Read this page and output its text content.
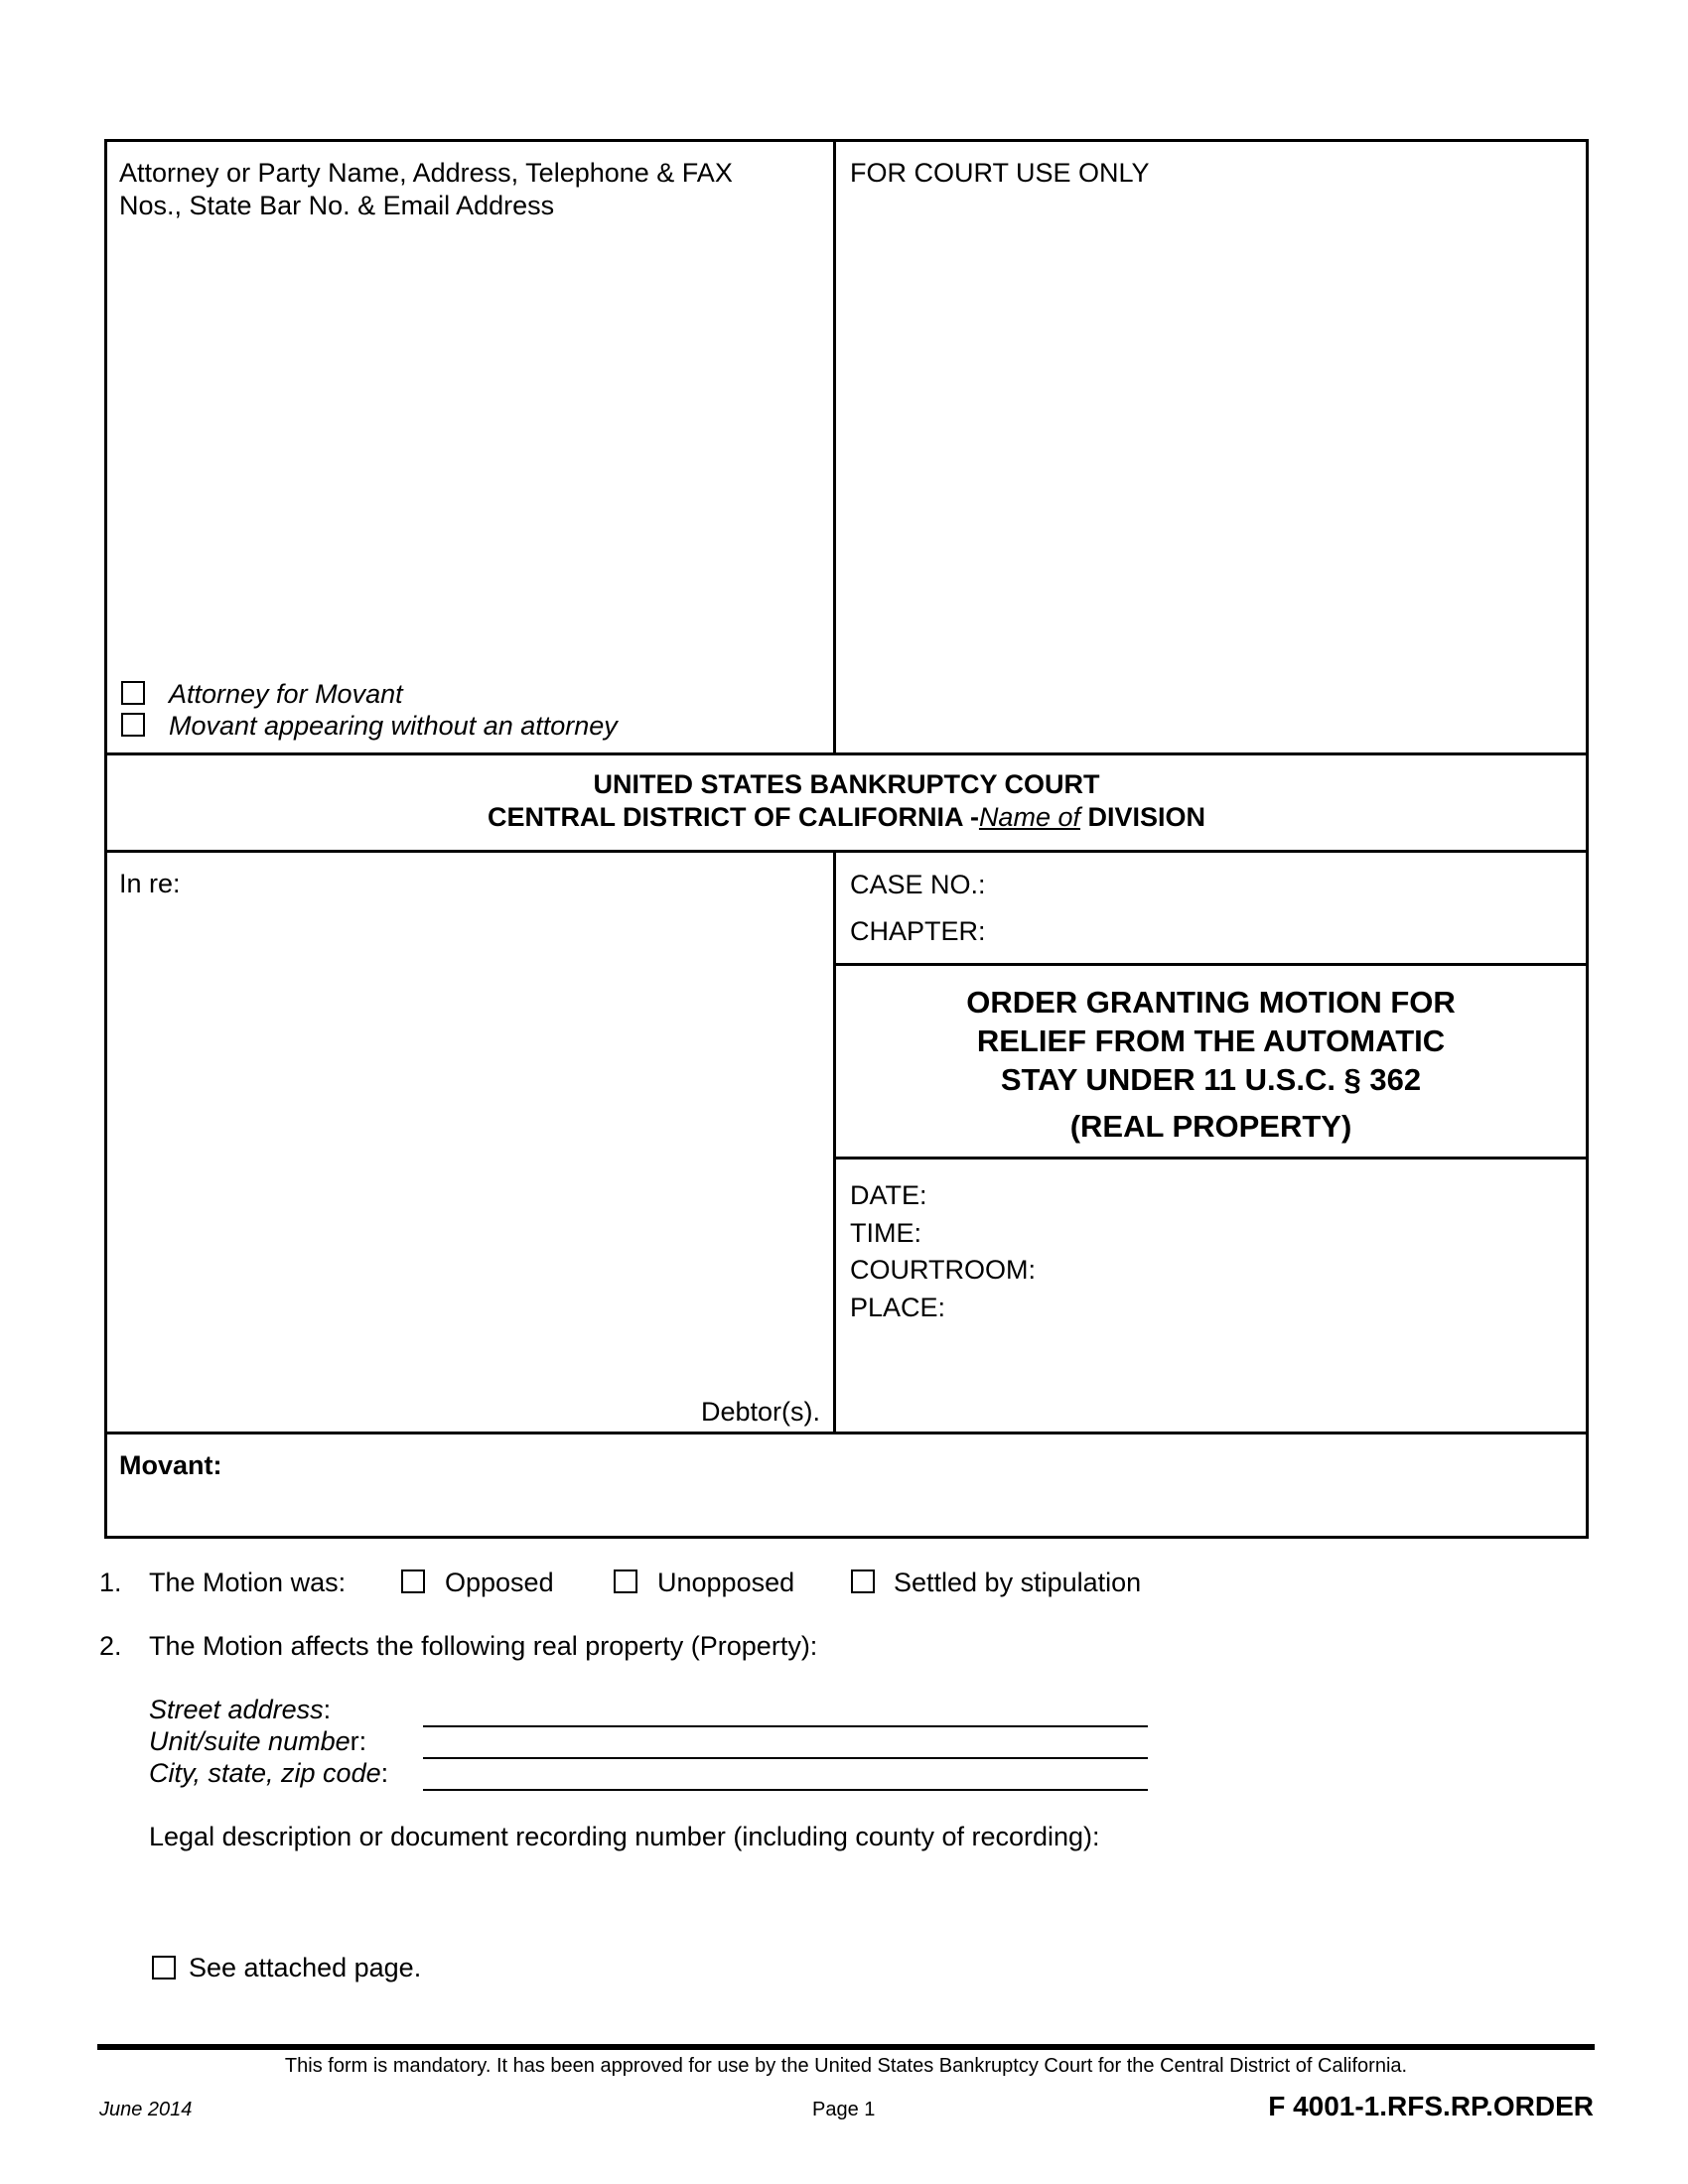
Attorney or Party Name, Address, Telephone & FAX
Nos., State Bar No. & Email Address
FOR COURT USE ONLY
Attorney for Movant
Movant appearing without an attorney
UNITED STATES BANKRUPTCY COURT
CENTRAL DISTRICT OF CALIFORNIA -Name of DIVISION
In re:
Debtor(s).
CASE NO.:
CHAPTER:
ORDER GRANTING MOTION FOR
RELIEF FROM THE AUTOMATIC
STAY UNDER 11 U.S.C. § 362
(REAL PROPERTY)
DATE:
TIME:
COURTROOM:
PLACE:
Movant:
1. The Motion was:	Opposed	Unopposed	Settled by stipulation
2. The Motion affects the following real property (Property):
Street address:
Unit/suite number:
City, state, zip code:
Legal description or document recording number (including county of recording):
See attached page.
This form is mandatory. It has been approved for use by the United States Bankruptcy Court for the Central District of California.
June 2014	Page 1	F 4001-1.RFS.RP.ORDER
